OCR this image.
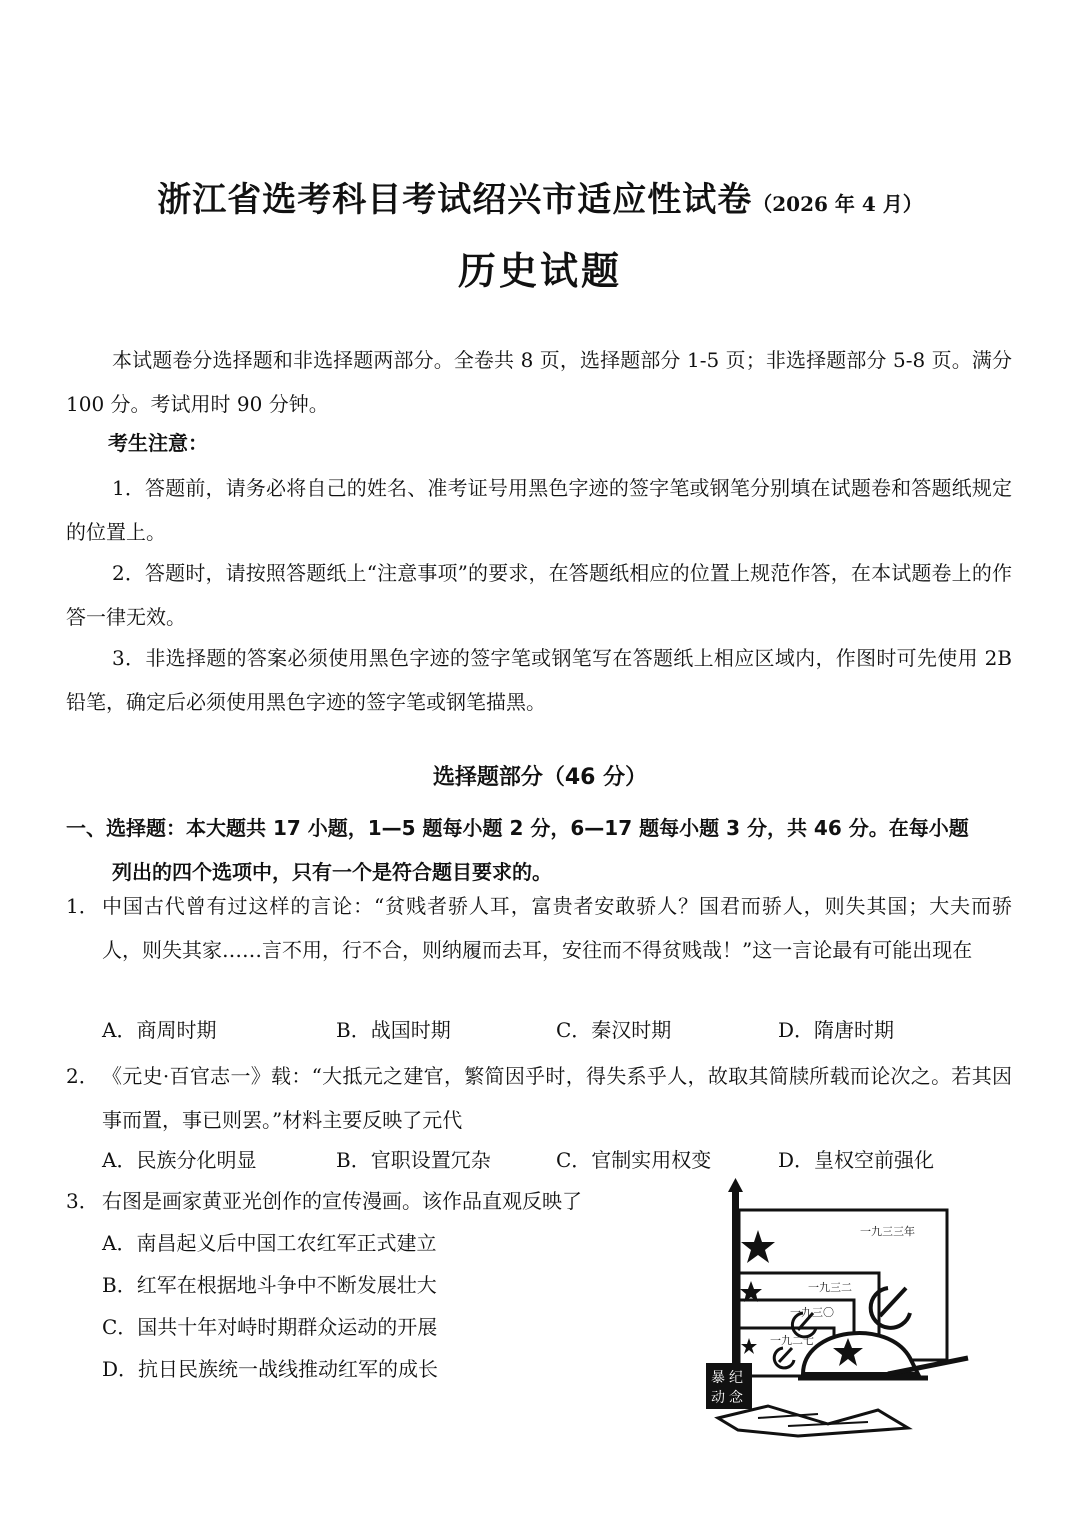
浙江省选考科目考试绍兴市适应性试卷（2026 年 4 月）
历史试题
本试题卷分选择题和非选择题两部分。全卷共 8 页，选择题部分 1-5 页；非选择题部分 5-8 页。满分 100 分。考试用时 90 分钟。
考生注意：
1．答题前，请务必将自己的姓名、准考证号用黑色字迹的签字笔或钢笔分别填在试题卷和答题纸规定的位置上。
2．答题时，请按照答题纸上“注意事项”的要求，在答题纸相应的位置上规范作答，在本试题卷上的作答一律无效。
3．非选择题的答案必须使用黑色字迹的签字笔或钢笔写在答题纸上相应区域内，作图时可先使用 2B 铅笔，确定后必须使用黑色字迹的签字笔或钢笔描黑。
选择题部分（46 分）
一、选择题：本大题共 17 小题，1—5 题每小题 2 分，6—17 题每小题 3 分，共 46 分。在每小题
列出的四个选项中，只有一个是符合题目要求的。
1． 中国古代曾有过这样的言论：“贫贱者骄人耳，富贵者安敢骄人？国君而骄人，则失其国；大夫而骄人，则失其家……言不用，行不合，则纳履而去耳，安往而不得贫贱哉！”这一言论最有可能出现在
A．商周时期	B．战国时期	C．秦汉时期	D．隋唐时期
2． 《元史·百官志一》载：“大抵元之建官，繁简因乎时，得失系乎人，故取其简牍所载而论次之。若其因事而置，事已则罢。”材料主要反映了元代
A．民族分化明显	B．官职设置冗杂	C．官制实用权变	D．皇权空前强化
3． 右图是画家黄亚光创作的宣传漫画。该作品直观反映了
A．南昌起义后中国工农红军正式建立
B．红军在根据地斗争中不断发展壮大
C．国共十年对峙时期群众运动的开展
D．抗日民族统一战线推动红军的成长
一九三三年
一九三二
一九三〇
一九二七
暴 纪
动 念
